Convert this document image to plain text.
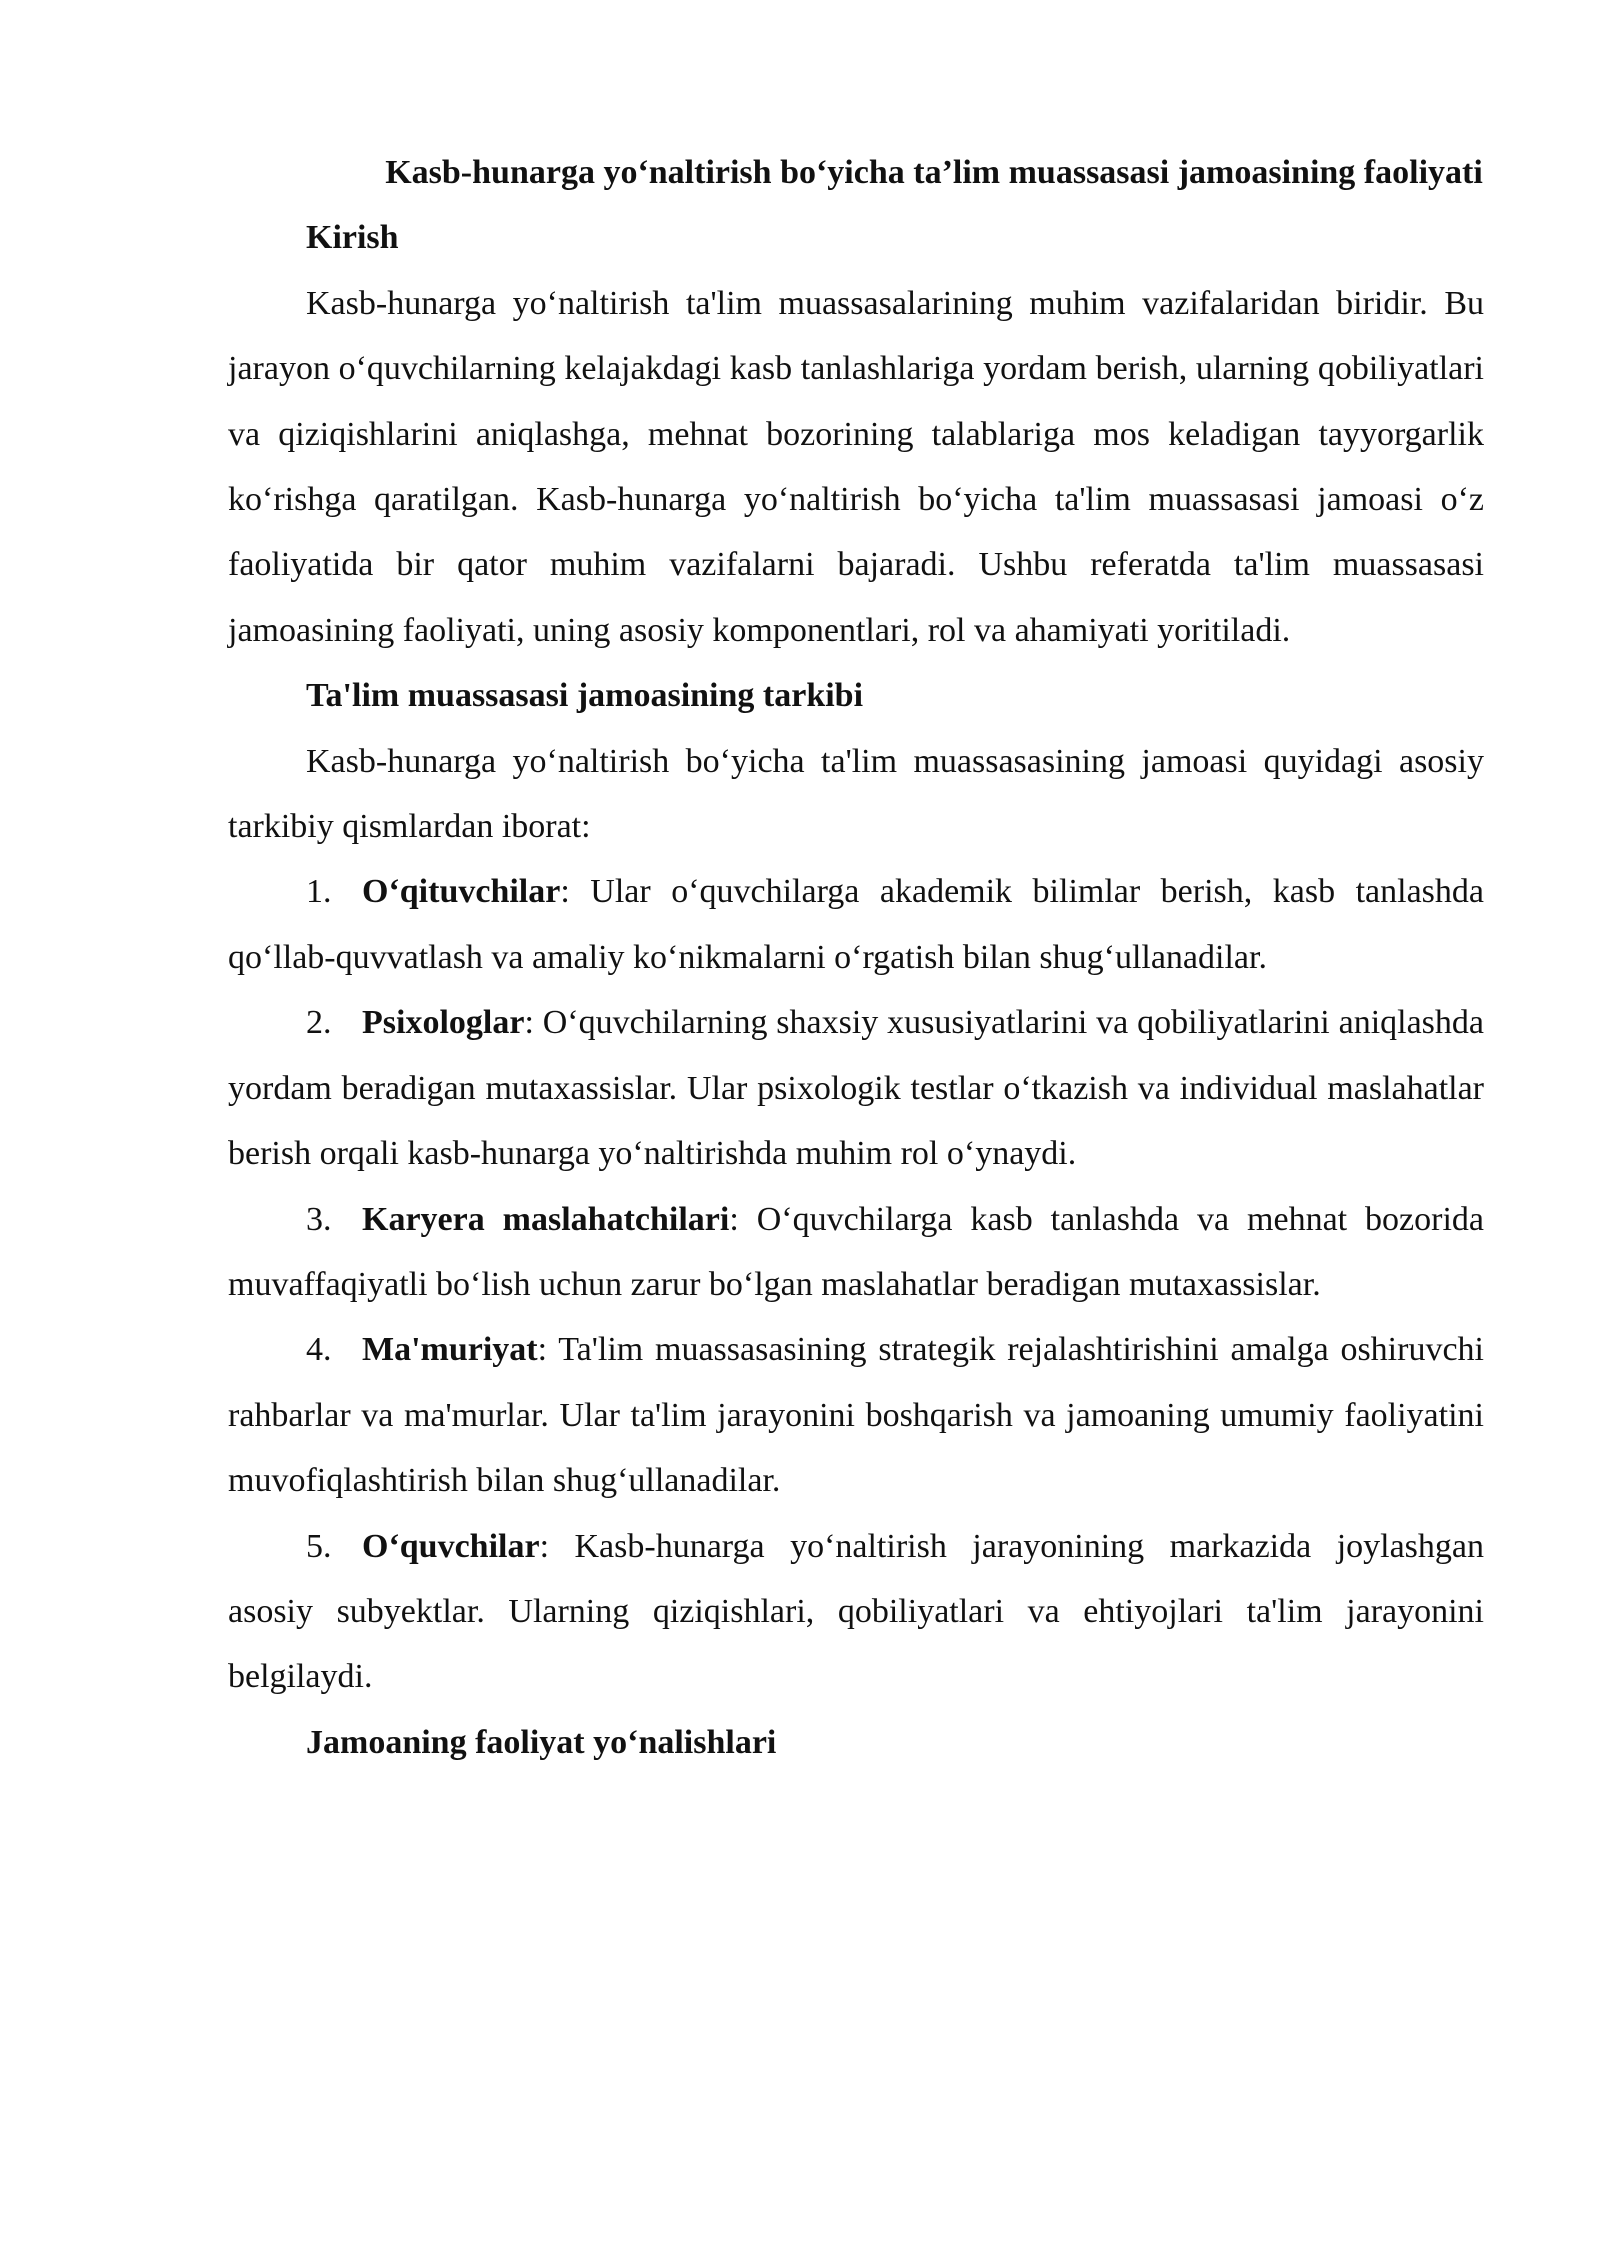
Kasb-hunarga yo‘naltirish bo‘yicha ta’lim muassasasi jamoasining faoliyati
Kirish

Kasb-hunarga yo‘naltirish ta'lim muassasalarining muhim vazifalaridan biridir. Bu jarayon o‘quvchilarning kelajakdagi kasb tanlashlariga yordam berish, ularning qobiliyatlari va qiziqishlarini aniqlashga, mehnat bozorining talablariga mos keladigan tayyorgarlik ko‘rishga qaratilgan. Kasb-hunarga yo‘naltirish bo‘yicha ta'lim muassasasi jamoasi o‘z faoliyatida bir qator muhim vazifalarni bajaradi. Ushbu referatda ta'lim muassasasi jamoasining faoliyati, uning asosiy komponentlari, rol va ahamiyati yoritiladi.

Ta'lim muassasasi jamoasining tarkibi

Kasb-hunarga yo‘naltirish bo‘yicha ta'lim muassasasining jamoasi quyidagi asosiy tarkibiy qismlardan iborat:

1. O‘qituvchilar: Ular o‘quvchilarga akademik bilimlar berish, kasb tanlashda qo‘llab-quvvatlash va amaliy ko‘nikmalarni o‘rgatish bilan shug‘ullanadilar.

2. Psixologlar: O‘quvchilarning shaxsiy xususiyatlarini va qobiliyatlarini aniqlashda yordam beradigan mutaxassislar. Ular psixologik testlar o‘tkazish va individual maslahatlar berish orqali kasb-hunarga yo‘naltirishda muhim rol o‘ynaydi.

3. Karyera maslahatchilari: O‘quvchilarga kasb tanlashda va mehnat bozorida muvaffaqiyatli bo‘lish uchun zarur bo‘lgan maslahatlar beradigan mutaxassislar.

4. Ma'muriyat: Ta'lim muassasasining strategik rejalashtirishini amalga oshiruvchi rahbarlar va ma'murlar. Ular ta'lim jarayonini boshqarish va jamoaning umumiy faoliyatini muvofiqlashtirish bilan shug‘ullanadilar.

5. O‘quvchilar: Kasb-hunarga yo‘naltirish jarayonining markazida joylashgan asosiy subyektlar. Ularning qiziqishlari, qobiliyatlari va ehtiyojlari ta'lim jarayonini belgilaydi.

Jamoaning faoliyat yo‘nalishlari
